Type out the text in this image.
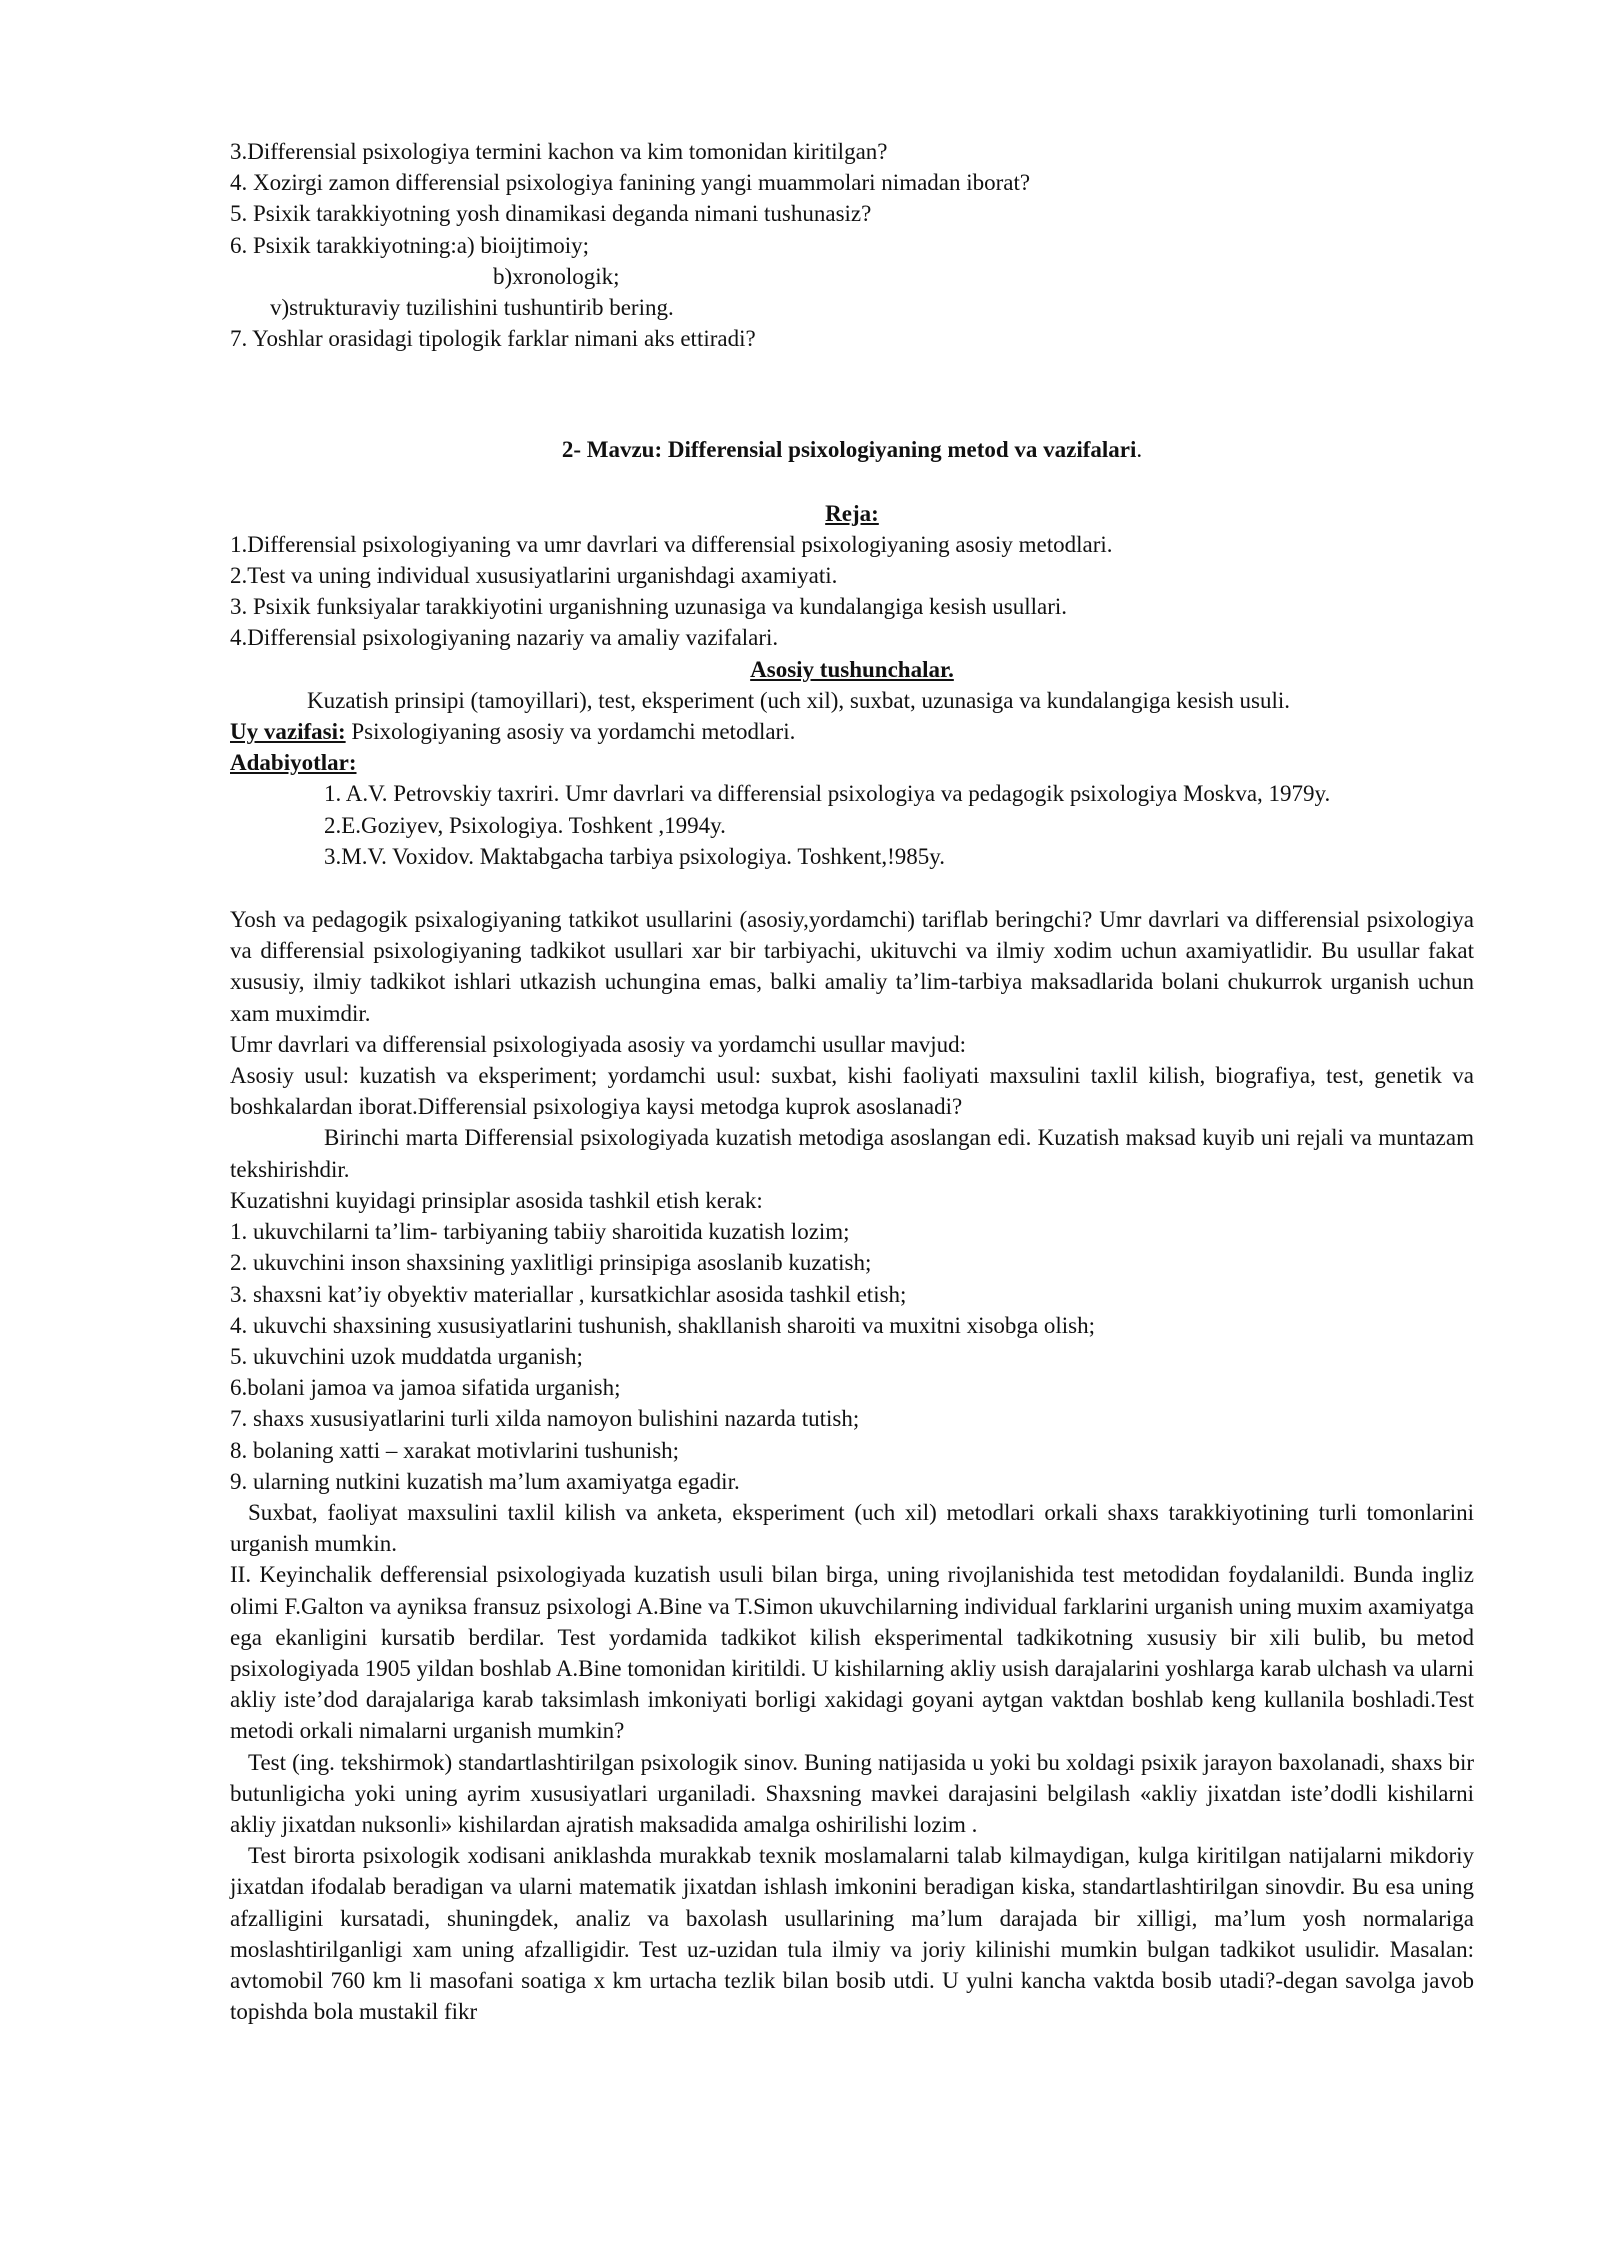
3.Differensial psixologiya termini kachon va kim tomonidan kiritilgan?

4. Xozirgi zamon differensial psixologiya fanining yangi muammolari nimadan iborat?

5. Psixik tarakkiyotning yosh dinamikasi deganda nimani tushunasiz?

6. Psixik tarakkiyotning:a) bioijtimoiy;

b)xronologik;

v)strukturaviy tuzilishini tushuntirib bering.

7. Yoshlar orasidagi tipologik farklar nimani aks ettiradi?

2- Mavzu: Differensial psixologiyaning metod va vazifalari.

Reja:

1.Differensial psixologiyaning va umr davrlari va differensial psixologiyaning asosiy metodlari.

2.Test va uning individual xususiyatlarini urganishdagi axamiyati.

3. Psixik funksiyalar tarakkiyotini urganishning uzunasiga va kundalangiga kesish usullari.

4.Differensial psixologiyaning nazariy va amaliy vazifalari.

Asosiy tushunchalar.

Kuzatish prinsipi (tamoyillari), test, eksperiment (uch xil), suxbat, uzunasiga va kundalangiga kesish usuli.

Uy vazifasi: Psixologiyaning asosiy va yordamchi metodlari.

Adabiyotlar:

1. A.V. Petrovskiy taxriri. Umr davrlari va differensial psixologiya va pedagogik psixologiya Moskva, 1979y.

2.E.Goziyev, Psixologiya. Toshkent ,1994y.

3.M.V. Voxidov. Maktabgacha tarbiya psixologiya. Toshkent,!985y.

Yosh va pedagogik psixalogiyaning tatkikot usullarini (asosiy,yordamchi) tariflab beringchi? Umr davrlari va differensial psixologiya va differensial psixologiyaning tadkikot usullari xar bir tarbiyachi, ukituvchi va ilmiy xodim uchun axamiyatlidir. Bu usullar fakat xususiy, ilmiy tadkikot ishlari utkazish uchungina emas, balki amaliy ta’lim-tarbiya maksadlarida bolani chukurrok urganish uchun xam muximdir.

Umr davrlari va differensial psixologiyada asosiy va yordamchi usullar mavjud:

Asosiy usul: kuzatish va eksperiment; yordamchi usul: suxbat, kishi faoliyati maxsulini taxlil kilish, biografiya, test, genetik va boshkalardan iborat.Differensial psixologiya kaysi metodga kuprok asoslanadi?

Birinchi marta Differensial psixologiyada kuzatish metodiga asoslangan edi. Kuzatish maksad kuyib uni rejali va muntazam tekshirishdir.

Kuzatishni kuyidagi prinsiplar asosida tashkil etish kerak:

1. ukuvchilarni ta’lim- tarbiyaning tabiiy sharoitida kuzatish lozim;

2. ukuvchini inson shaxsining yaxlitligi prinsipiga asoslanib kuzatish;

3. shaxsni kat’iy obyektiv materiallar , kursatkichlar asosida tashkil etish;

4. ukuvchi shaxsining xususiyatlarini tushunish, shakllanish sharoiti va muxitni xisobga olish;

5. ukuvchini uzok muddatda urganish;

6.bolani jamoa va jamoa sifatida urganish;

7. shaxs xususiyatlarini turli xilda namoyon bulishini nazarda tutish;

8. bolaning xatti – xarakat motivlarini tushunish;

9. ularning nutkini kuzatish ma’lum axamiyatga egadir.

Suxbat, faoliyat maxsulini taxlil kilish va anketa, eksperiment (uch xil) metodlari orkali shaxs tarakkiyotining turli tomonlarini urganish mumkin.

II. Keyinchalik defferensial psixologiyada kuzatish usuli bilan birga, uning rivojlanishida test metodidan foydalanildi. Bunda ingliz olimi F.Galton va ayniksa fransuz psixologi A.Bine va T.Simon ukuvchilarning individual farklarini urganish uning muxim axamiyatga ega ekanligini kursatib berdilar. Test yordamida tadkikot kilish eksperimental tadkikotning xususiy bir xili bulib, bu metod psixologiyada 1905 yildan boshlab A.Bine tomonidan kiritildi. U kishilarning akliy usish darajalarini yoshlarga karab ulchash va ularni akliy iste’dod darajalariga karab taksimlash imkoniyati borligi xakidagi goyani aytgan vaktdan boshlab keng kullanila boshladi.Test metodi orkali nimalarni urganish mumkin?

Test (ing. tekshirmok) standartlashtirilgan psixologik sinov. Buning natijasida u yoki bu xoldagi psixik jarayon baxolanadi, shaxs bir butunligicha yoki uning ayrim xususiyatlari urganiladi. Shaxsning mavkei darajasini belgilash «akliy jixatdan iste’dodli kishilarni akliy jixatdan nuksonli» kishilardan ajratish maksadida amalga oshirilishi lozim .

Test birorta psixologik xodisani aniklashda murakkab texnik moslamalarni talab kilmaydigan, kulga kiritilgan natijalarni mikdoriy jixatdan ifodalab beradigan va ularni matematik jixatdan ishlash imkonini beradigan kiska, standartlashtirilgan sinovdir. Bu esa uning afzalligini kursatadi, shuningdek, analiz va baxolash usullarining ma’lum darajada bir xilligi, ma’lum yosh normalariga moslashtirilganligi xam uning afzalligidir. Test uz-uzidan tula ilmiy va joriy kilinishi mumkin bulgan tadkikot usulidir. Masalan: avtomobil 760 km li masofani soatiga x km urtacha tezlik bilan bosib utdi. U yulni kancha vaktda bosib utadi?-degan savolga javob topishda bola mustakil fikr
